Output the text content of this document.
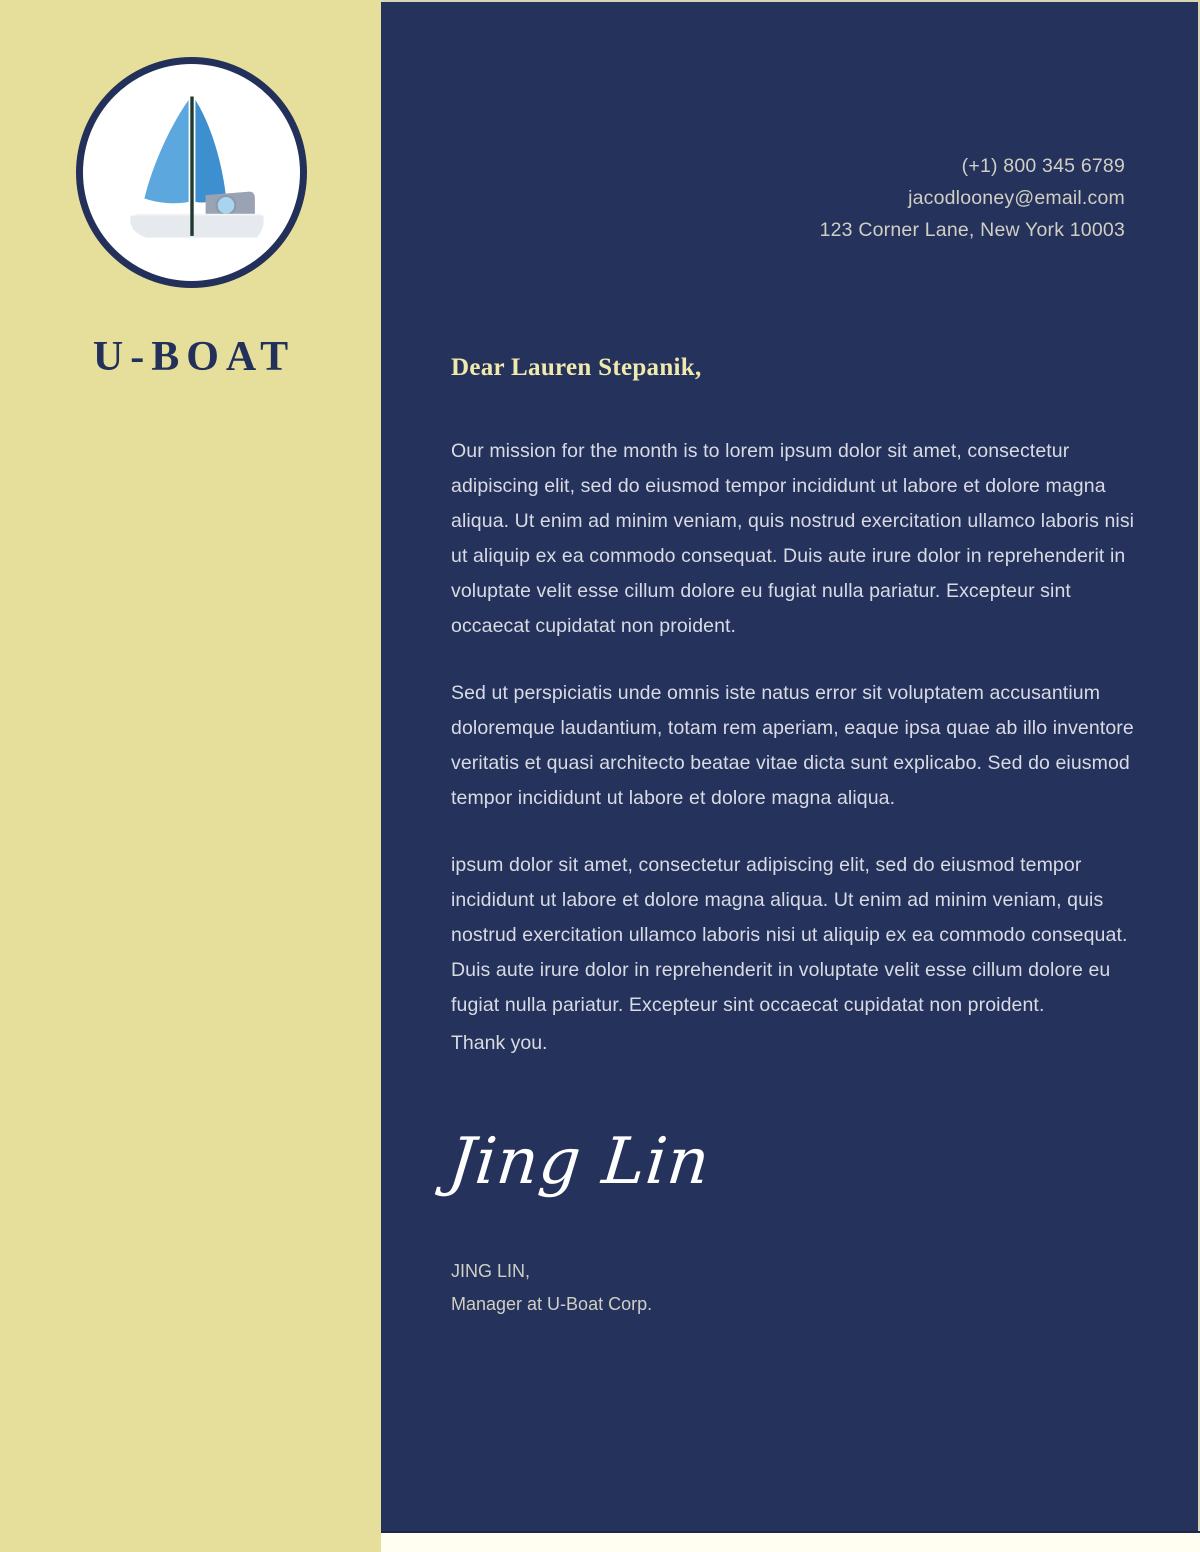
U-BOAT
(+1) 800 345 6789
jacodlooney@email.com
123 Corner Lane, New York 10003
Dear Lauren Stepanik,

Our mission for the month is to lorem ipsum dolor sit amet, consectetur adipiscing elit, sed do eiusmod tempor incididunt ut labore et dolore magna aliqua. Ut enim ad minim veniam, quis nostrud exercitation ullamco laboris nisi ut aliquip ex ea commodo consequat. Duis aute irure dolor in reprehenderit in voluptate velit esse cillum dolore eu fugiat nulla pariatur. Excepteur sint occaecat cupidatat non proident.

Sed ut perspiciatis unde omnis iste natus error sit voluptatem accusantium doloremque laudantium, totam rem aperiam, eaque ipsa quae ab illo inventore veritatis et quasi architecto beatae vitae dicta sunt explicabo. Sed do eiusmod tempor incididunt ut labore et dolore magna aliqua.

ipsum dolor sit amet, consectetur adipiscing elit, sed do eiusmod tempor incididunt ut labore et dolore magna aliqua. Ut enim ad minim veniam, quis nostrud exercitation ullamco laboris nisi ut aliquip ex ea commodo consequat. Duis aute irure dolor in reprehenderit in voluptate velit esse cillum dolore eu fugiat nulla pariatur. Excepteur sint occaecat cupidatat non proident.

Thank you.
Jing Lin
JING LIN,
Manager at U-Boat Corp.
